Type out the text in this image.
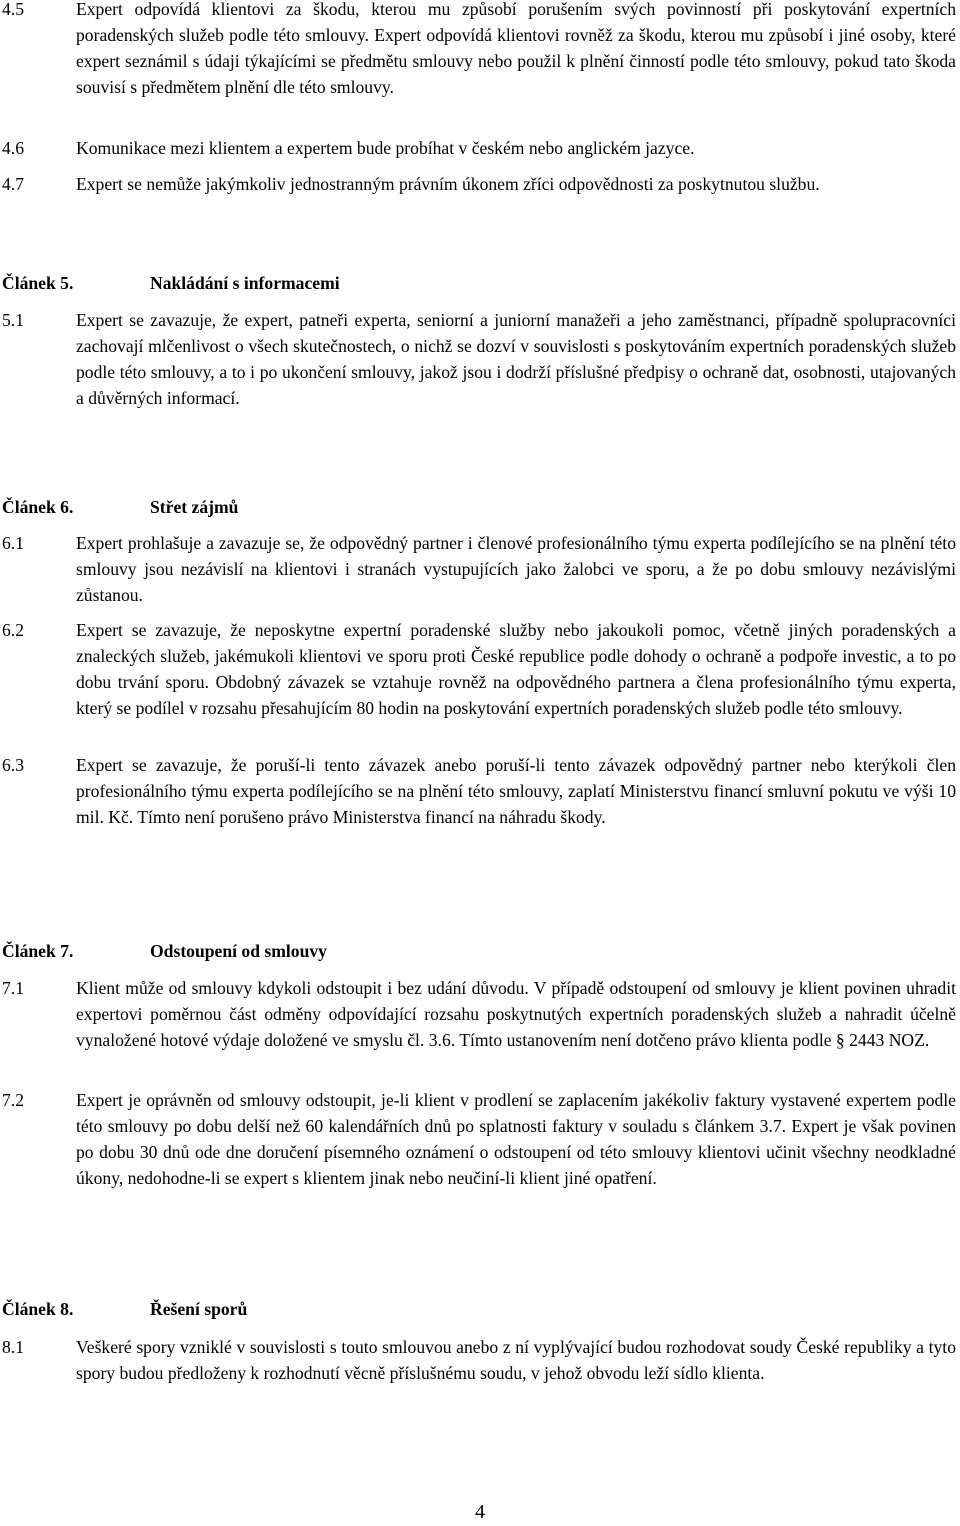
4.5	Expert odpovídá klientovi za škodu, kterou mu způsobí porušením svých povinností při poskytování expertních poradenských služeb podle této smlouvy. Expert odpovídá klientovi rovněž za škodu, kterou mu způsobí i jiné osoby, které expert seznámil s údaji týkajícími se předmětu smlouvy nebo použil k plnění činností podle této smlouvy, pokud tato škoda souvisí s předmětem plnění dle této smlouvy.
4.6	Komunikace mezi klientem a expertem bude probíhat v českém nebo anglickém jazyce.
4.7	Expert se nemůže jakýmkoliv jednostranným právním úkonem zříci odpovědnosti za poskytnutou službu.
Článek 5.	Nakládání s informacemi
5.1	Expert se zavazuje, že expert, patneři experta, seniorní a juniorní manažeři a jeho zaměstnanci, případně spolupracovníci zachovají mlčenlivost o všech skutečnostech, o nichž se dozví v souvislosti s poskytováním expertních poradenských služeb podle této smlouvy, a to i po ukončení smlouvy, jakož jsou i dodrží příslušné předpisy o ochraně dat, osobnosti, utajovaných a důvěrných informací.
Článek 6.	Střet zájmů
6.1	Expert prohlašuje a zavazuje se, že odpovědný partner i členové profesionálního týmu experta podílejícího se na plnění této smlouvy jsou nezávislí na klientovi i stranách vystupujících jako žalobci ve sporu, a že po dobu smlouvy nezávislými zůstanou.
6.2	Expert se zavazuje, že neposkytne expertní poradenské služby nebo jakoukoli pomoc, včetně jiných poradenských a znaleckých služeb, jakémukoli klientovi ve sporu proti České republice podle dohody o ochraně a podpoře investic, a to po dobu trvání sporu. Obdobný závazek se vztahuje rovněž na odpovědného partnera a člena profesionálního týmu experta, který se podílel v rozsahu přesahujícím 80 hodin na poskytování expertních poradenských služeb podle této smlouvy.
6.3	Expert se zavazuje, že poruší-li tento závazek anebo poruší-li tento závazek odpovědný partner nebo kterýkoli člen profesionálního týmu experta podílejícího se na plnění této smlouvy, zaplatí Ministerstvu financí smluvní pokutu ve výši 10 mil. Kč. Tímto není porušeno právo Ministerstva financí na náhradu škody.
Článek 7.	Odstoupení od smlouvy
7.1	Klient může od smlouvy kdykoli odstoupit i bez udání důvodu. V případě odstoupení od smlouvy je klient povinen uhradit expertovi poměrnou část odměny odpovídající rozsahu poskytnutých expertních poradenských služeb a nahradit účelně vynaložené hotové výdaje doložené ve smyslu čl. 3.6. Tímto ustanovením není dotčeno právo klienta podle § 2443 NOZ.
7.2	Expert je oprávněn od smlouvy odstoupit, je-li klient v prodlení se zaplacením jakékoliv faktury vystavené expertem podle této smlouvy po dobu delší než 60 kalendářních dnů po splatnosti faktury v souladu s článkem 3.7. Expert je však povinen po dobu 30 dnů ode dne doručení písemného oznámení o odstoupení od této smlouvy klientovi učinit všechny neodkladné úkony, nedohodne-li se expert s klientem jinak nebo neučiní-li klient jiné opatření.
Článek 8.	Řešení sporů
8.1	Veškeré spory vzniklé v souvislosti s touto smlouvou anebo z ní vyplývající budou rozhodovat soudy České republiky a tyto spory budou předloženy k rozhodnutí věcně příslušnému soudu, v jehož obvodu leží sídlo klienta.
4
